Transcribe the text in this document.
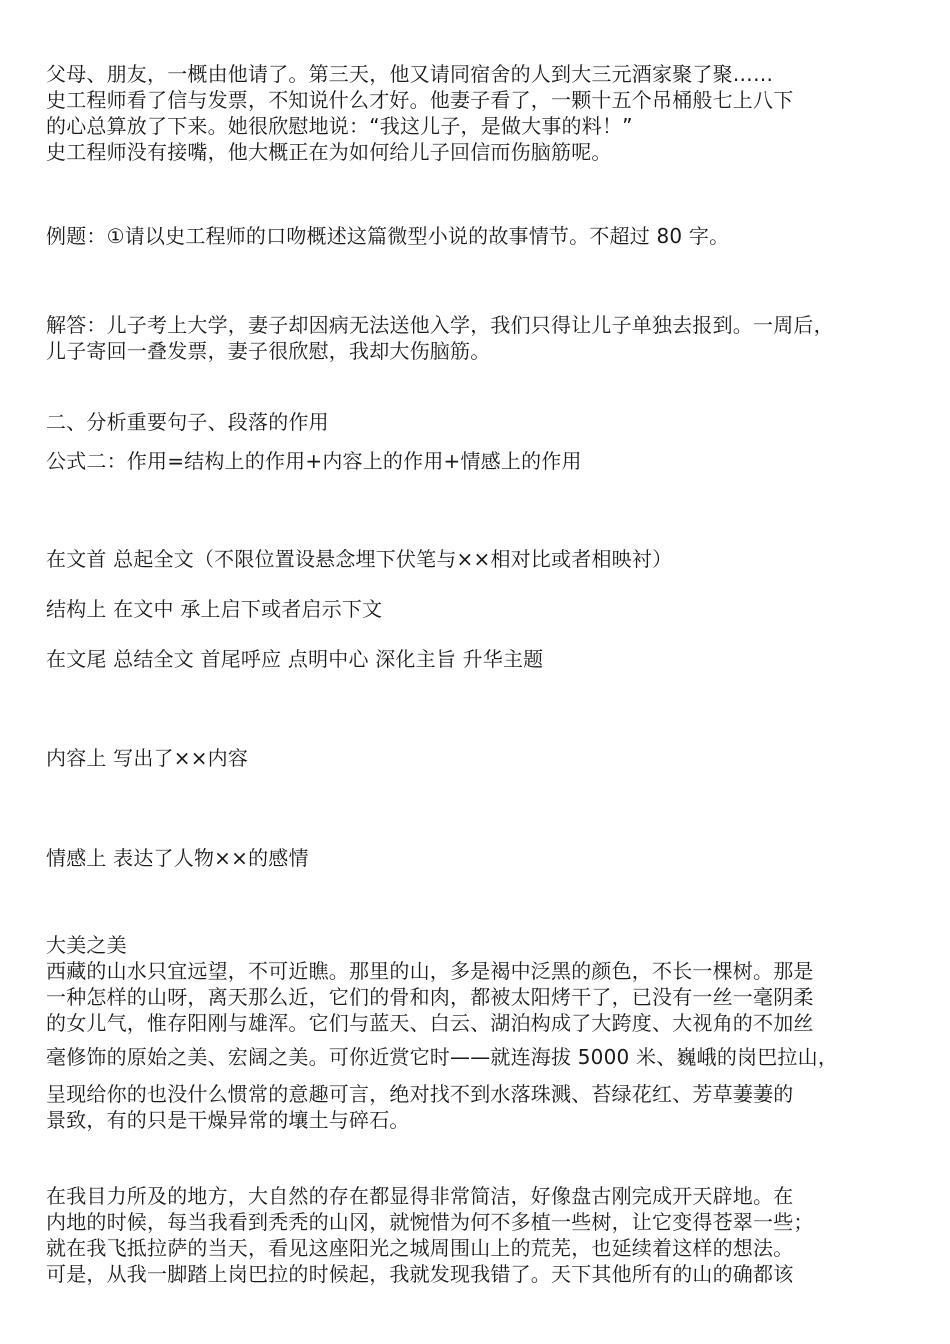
父母、朋友，一概由他请了。第三天，他又请同宿舍的人到大三元酒家聚了聚……
史工程师看了信与发票，不知说什么才好。他妻子看了，一颗十五个吊桶般七上八下
的心总算放了下来。她很欣慰地说：“我这儿子，是做大事的料！”
史工程师没有接嘴，他大概正在为如何给儿子回信而伤脑筋呢。
例题：①请以史工程师的口吻概述这篇微型小说的故事情节。不超过 80 字。
解答：儿子考上大学，妻子却因病无法送他入学，我们只得让儿子单独去报到。一周后，
儿子寄回一叠发票，妻子很欣慰，我却大伤脑筋。
二、分析重要句子、段落的作用
公式二：作用=结构上的作用+内容上的作用+情感上的作用
在文首 总起全文（不限位置设悬念埋下伏笔与××相对比或者相映衬）
结构上 在文中 承上启下或者启示下文
在文尾 总结全文 首尾呼应 点明中心 深化主旨 升华主题
内容上 写出了××内容
情感上 表达了人物××的感情
大美之美
西藏的山水只宜远望，不可近瞧。那里的山，多是褐中泛黑的颜色，不长一棵树。那是
一种怎样的山呀，离天那么近，它们的骨和肉，都被太阳烤干了，已没有一丝一毫阴柔
的女儿气，惟存阳刚与雄浑。它们与蓝天、白云、湖泊构成了大跨度、大视角的不加丝
毫修饰的原始之美、宏阔之美。可你近赏它时——就连海拔 5000 米、巍峨的岗巴拉山，
呈现给你的也没什么惯常的意趣可言，绝对找不到水落珠溅、苔绿花红、芳草萋萋的
景致，有的只是干燥异常的壤土与碎石。
在我目力所及的地方，大自然的存在都显得非常简洁，好像盘古刚完成开天辟地。在
内地的时候，每当我看到秃秃的山冈，就惋惜为何不多植一些树，让它变得苍翠一些；
就在我飞抵拉萨的当天，看见这座阳光之城周围山上的荒芜，也延续着这样的想法。
可是，从我一脚踏上岗巴拉的时候起，我就发现我错了。天下其他所有的山的确都该
